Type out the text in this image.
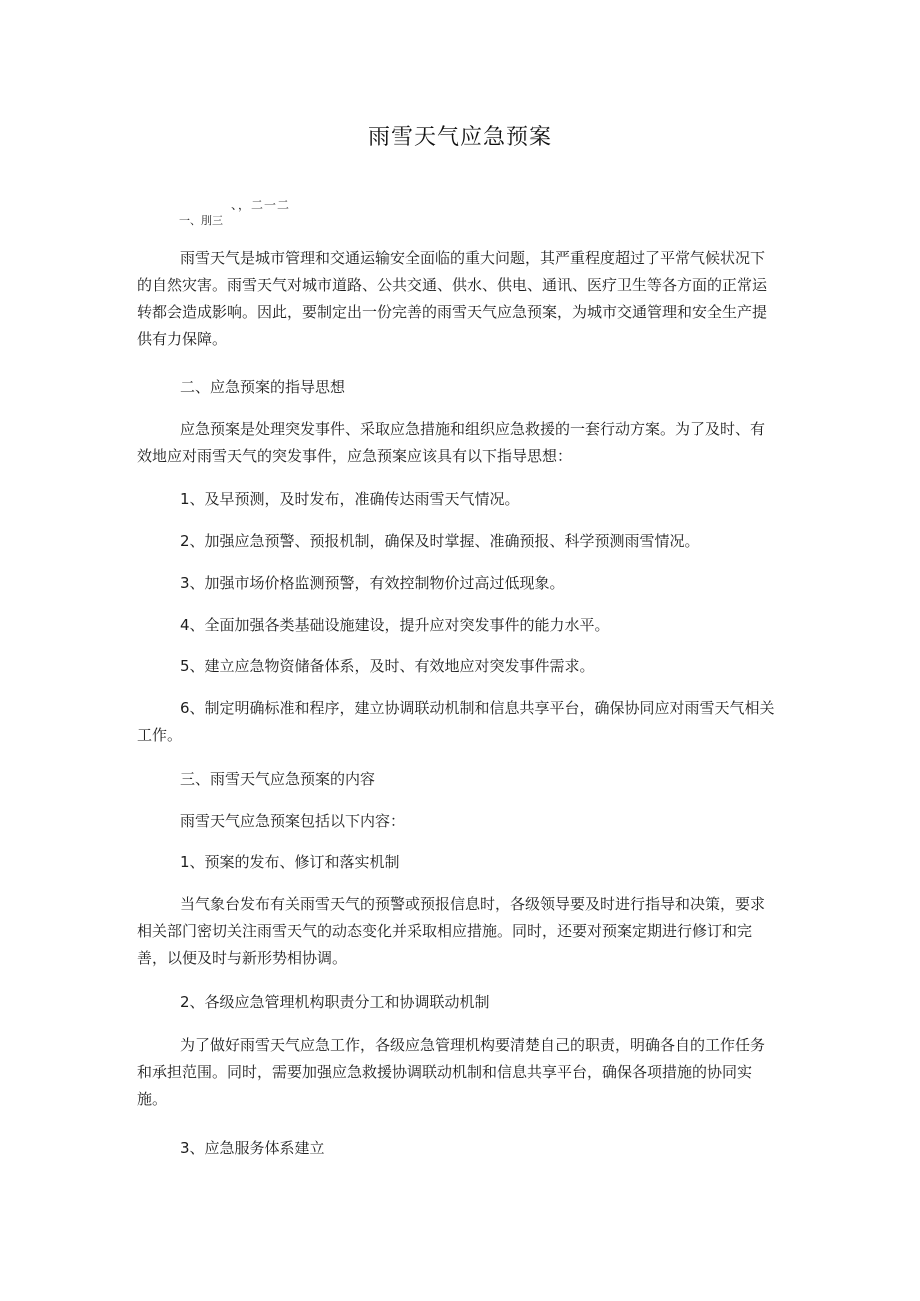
雨雪天气应急预案
、，二一二
一、刖三
雨雪天气是城市管理和交通运输安全面临的重大问题，其严重程度超过了平常气候状况下
的自然灾害。雨雪天气对城市道路、公共交通、供水、供电、通讯、医疗卫生等各方面的正常运
转都会造成影响。因此，要制定出一份完善的雨雪天气应急预案，为城市交通管理和安全生产提
供有力保障。
二、应急预案的指导思想
应急预案是处理突发事件、采取应急措施和组织应急救援的一套行动方案。为了及时、有
效地应对雨雪天气的突发事件，应急预案应该具有以下指导思想：
1、及早预测，及时发布，准确传达雨雪天气情况。
2、加强应急预警、预报机制，确保及时掌握、准确预报、科学预测雨雪情况。
3、加强市场价格监测预警，有效控制物价过高过低现象。
4、全面加强各类基础设施建设，提升应对突发事件的能力水平。
5、建立应急物资储备体系，及时、有效地应对突发事件需求。
6、制定明确标准和程序，建立协调联动机制和信息共享平台，确保协同应对雨雪天气相关
工作。
三、雨雪天气应急预案的内容
雨雪天气应急预案包括以下内容：
1、预案的发布、修订和落实机制
当气象台发布有关雨雪天气的预警或预报信息时，各级领导要及时进行指导和决策，要求
相关部门密切关注雨雪天气的动态变化并采取相应措施。同时，还要对预案定期进行修订和完
善，以便及时与新形势相协调。
2、各级应急管理机构职责分工和协调联动机制
为了做好雨雪天气应急工作，各级应急管理机构要清楚自己的职责，明确各自的工作任务
和承担范围。同时，需要加强应急救援协调联动机制和信息共享平台，确保各项措施的协同实
施。
3、应急服务体系建立
